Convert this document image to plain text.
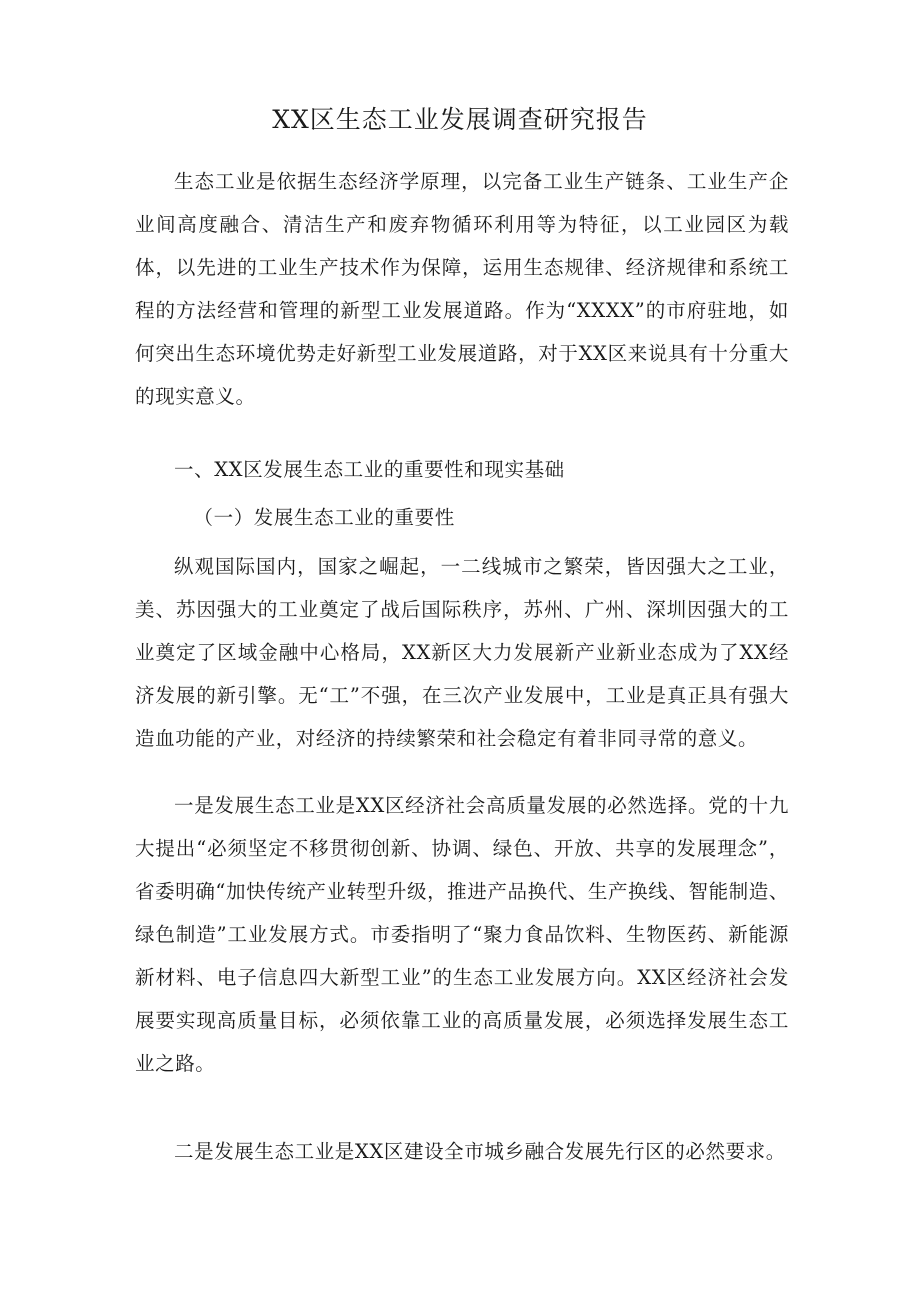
XX区生态工业发展调查研究报告

生态工业是依据生态经济学原理，以完备工业生产链条、工业生产企业间高度融合、清洁生产和废弃物循环利用等为特征，以工业园区为载体，以先进的工业生产技术作为保障，运用生态规律、经济规律和系统工程的方法经营和管理的新型工业发展道路。作为“XXXX”的市府驻地，如何突出生态环境优势走好新型工业发展道路，对于XX区来说具有十分重大的现实意义。

一、XX区发展生态工业的重要性和现实基础

（一）发展生态工业的重要性

纵观国际国内，国家之崛起，一二线城市之繁荣，皆因强大之工业，美、苏因强大的工业奠定了战后国际秩序，苏州、广州、深圳因强大的工业奠定了区域金融中心格局，XX新区大力发展新产业新业态成为了XX经济发展的新引擎。无“工”不强，在三次产业发展中，工业是真正具有强大造血功能的产业，对经济的持续繁荣和社会稳定有着非同寻常的意义。

一是发展生态工业是XX区经济社会高质量发展的必然选择。党的十九大提出“必须坚定不移贯彻创新、协调、绿色、开放、共享的发展理念”，省委明确“加快传统产业转型升级，推进产品换代、生产换线、智能制造、绿色制造”工业发展方式。市委指明了“聚力食品饮料、生物医药、新能源新材料、电子信息四大新型工业”的生态工业发展方向。XX区经济社会发展要实现高质量目标，必须依靠工业的高质量发展，必须选择发展生态工业之路。

二是发展生态工业是XX区建设全市城乡融合发展先行区的必然要求。
